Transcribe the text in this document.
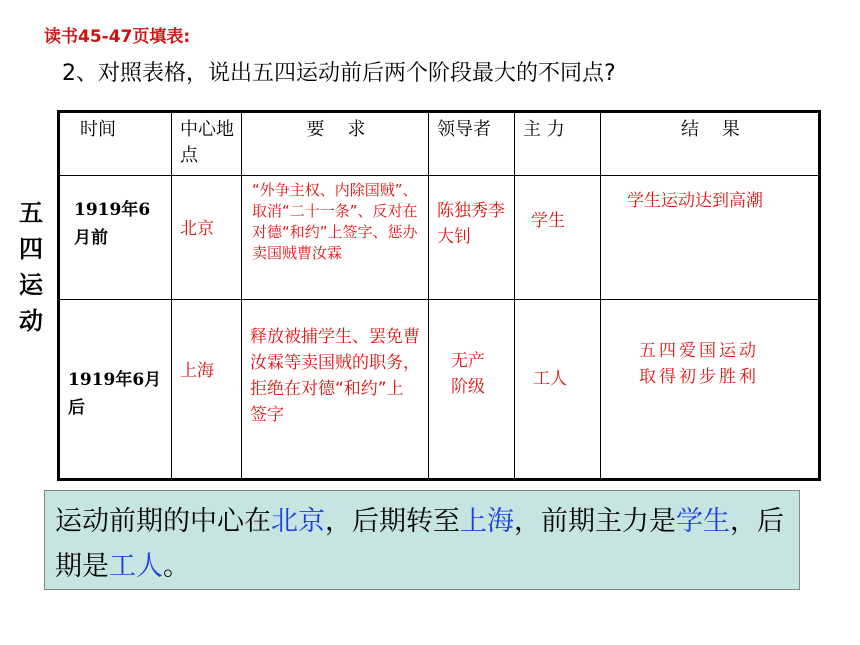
读书45-47页填表:
2、对照表格，说出五四运动前后两个阶段最大的不同点?
五
四
运
动
时间	中心地点	要    求	领导者	主 力	结    果

1919年6月前	北京	“外争主权、内除国贼”、取消“二十一条”、反对在对德“和约”上签字、惩办卖国贼曹汝霖	陈独秀李大钊	学生	学生运动达到高潮

1919年6月后	上海	释放被捕学生、罢免曹汝霖等卖国贼的职务，拒绝在对德“和约”上签字	无产阶级	工人	五四爱国运动取得初步胜利
运动前期的中心在北京，后期转至上海，前期主力是学生，后期是工人。
